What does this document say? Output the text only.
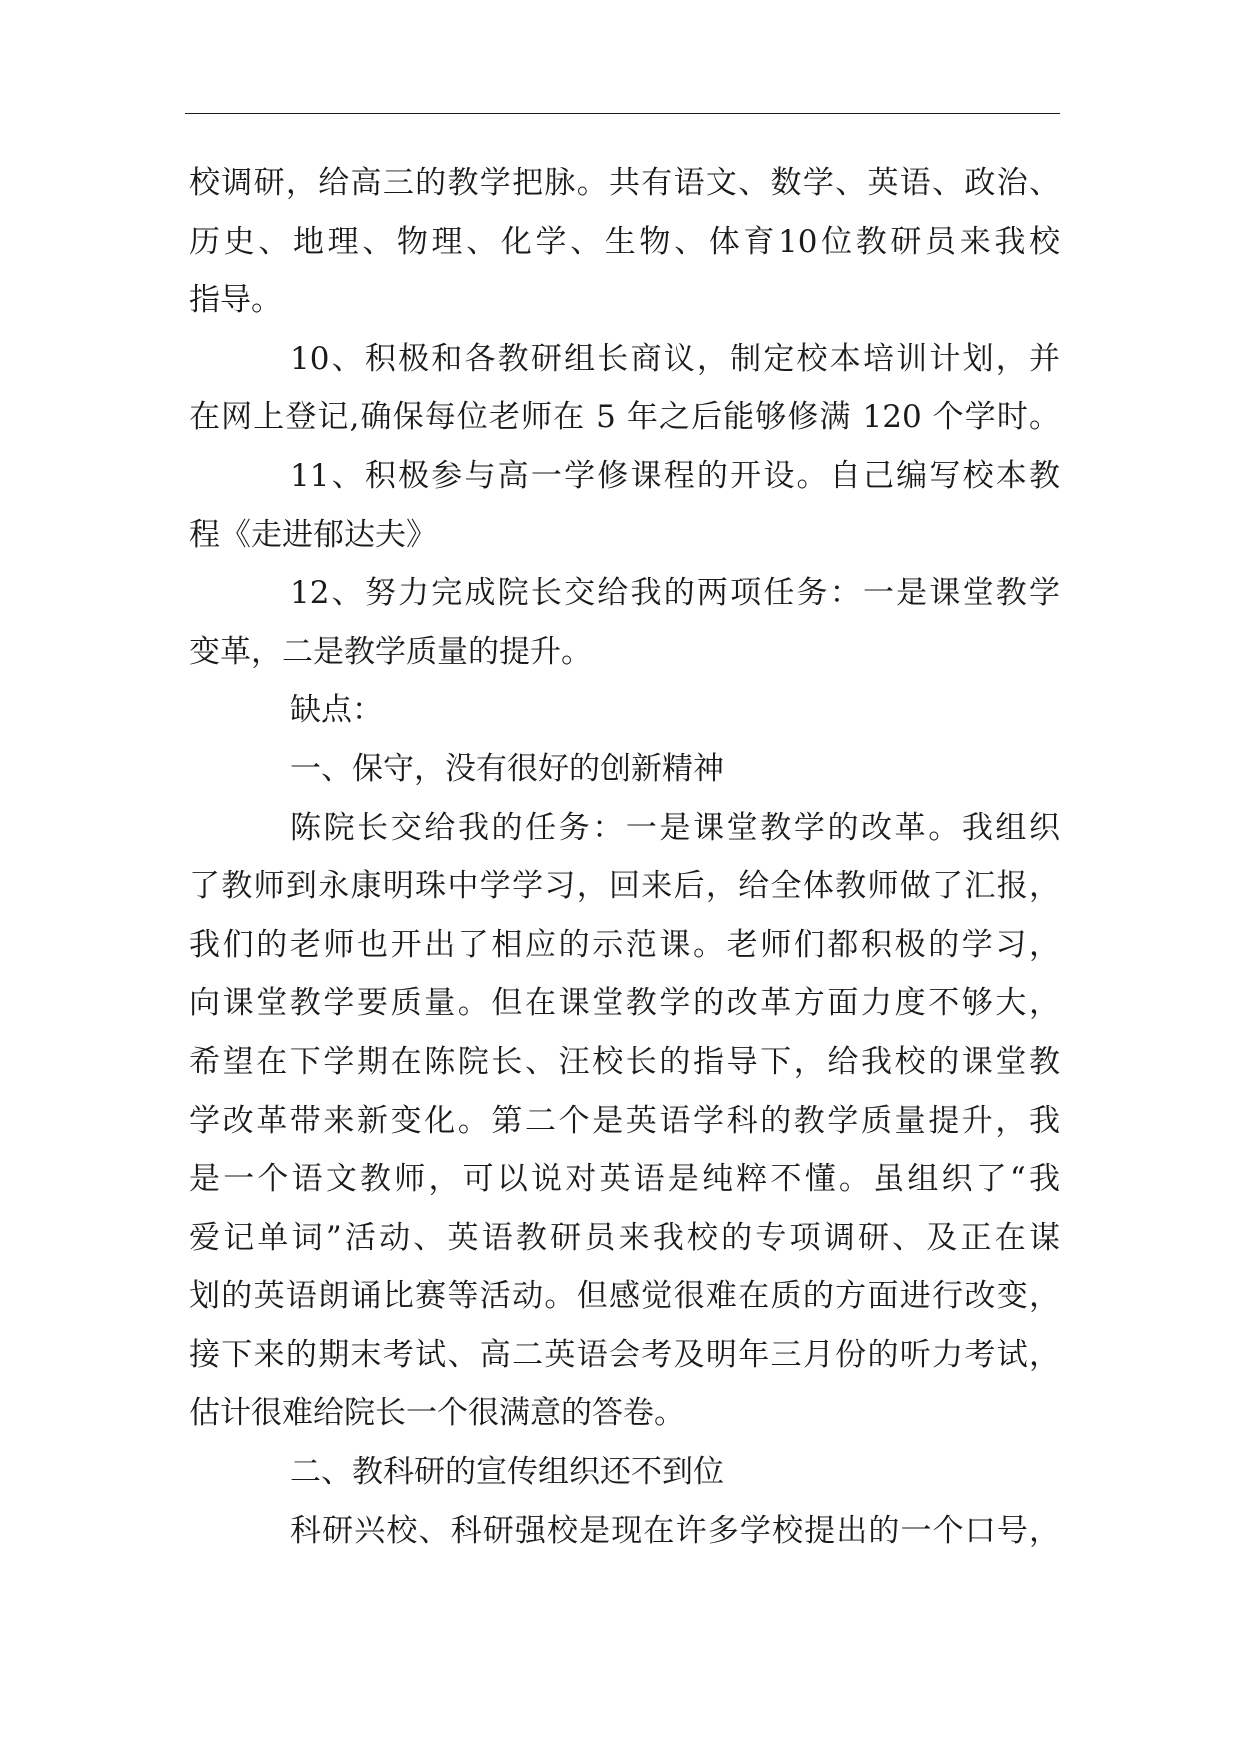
校调研，给高三的教学把脉。共有语文、数学、英语、政治、
历史、地理、物理、化学、生物、体育10位教研员来我校
指导。
10、积极和各教研组长商议，制定校本培训计划，并
在网上登记,确保每位老师在 5 年之后能够修满 120 个学时。
11、积极参与高一学修课程的开设。自己编写校本教
程《走进郁达夫》
12、努力完成院长交给我的两项任务：一是课堂教学
变革，二是教学质量的提升。
缺点：
一、保守，没有很好的创新精神
陈院长交给我的任务：一是课堂教学的改革。我组织
了教师到永康明珠中学学习，回来后，给全体教师做了汇报，
我们的老师也开出了相应的示范课。老师们都积极的学习，
向课堂教学要质量。但在课堂教学的改革方面力度不够大，
希望在下学期在陈院长、汪校长的指导下，给我校的课堂教
学改革带来新变化。第二个是英语学科的教学质量提升，我
是一个语文教师，可以说对英语是纯粹不懂。虽组织了“我
爱记单词”活动、英语教研员来我校的专项调研、及正在谋
划的英语朗诵比赛等活动。但感觉很难在质的方面进行改变，
接下来的期末考试、高二英语会考及明年三月份的听力考试，
估计很难给院长一个很满意的答卷。
二、教科研的宣传组织还不到位
科研兴校、科研强校是现在许多学校提出的一个口号，
